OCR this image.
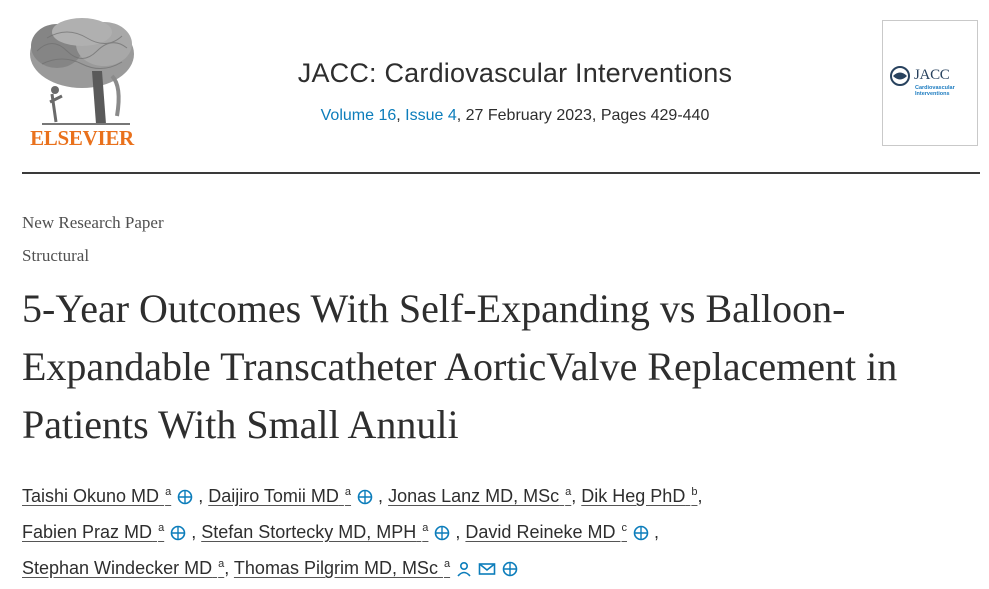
ELSEVIER
JACC: Cardiovascular Interventions
Volume 16, Issue 4, 27 February 2023, Pages 429-440
JACC
Cardiovascular Interventions
New Research Paper
Structural
5-Year Outcomes With Self-Expanding vs Balloon-Expandable Transcatheter AorticValve Replacement in Patients With Small Annuli
Taishi Okuno MD $^a$ , Daijiro Tomii MD $^a$ , Jonas Lanz MD, MSc $^a$, Dik Heg PhD $^b$,
Fabien Praz MD $^a$ , Stefan Stortecky MD, MPH $^a$ , David Reineke MD $^c$ ,
Stephan Windecker MD $^a$, Thomas Pilgrim MD, MSc $^a$
